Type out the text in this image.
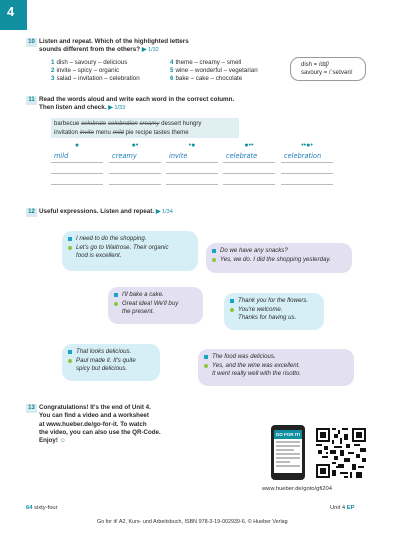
4
10 Listen and repeat. Which of the highlighted letters
sounds different from the others? ▶ 1/32
1 dish – savoury – delicious
2 invite – spicy – organic
3 salad – invitation – celebration
4 theme – creamy – smell
5 wine – wonderful – vegetarian
6 bake – cake – chocolate
dish = /dɪʃ/
savoury = /ˈseɪvəri/
11 Read the words aloud and write each word in the correct column.
Then listen and check. ▶ 1/33
barbecue celebrate celebration creamy dessert hungry
invitation invite menu mild pie recipe tastes theme
●
mild
●•
creamy
•●
invite
●••
celebrate
••●•
celebration
12 Useful expressions. Listen and repeat. ▶ 1/34
I need to do the shopping.
Let's go to Waitrose. Their organic
food is excellent.
Do we have any snacks?
Yes, we do. I did the shopping yesterday.
I'll bake a cake.
Great idea! We'll buy
the present.
Thank you for the flowers.
You're welcome.
Thanks for having us.
That looks delicious.
Paul made it. It's quite
spicy but delicious.
The food was delicious.
Yes, and the wine was excellent.
It went really well with the risotto.
13 Congratulations! It's the end of Unit 4.
You can find a video and a worksheet
at www.hueber.de/go-for-it. To watch
the video, you can also use the QR-Code.
Enjoy! ☺
GO FOR IT!
www.hueber.de/goto/gfi204
64 sixty-four	Unit 4 EP
Go for it! A2, Kurs- und Arbeitsbuch, ISBN 978-3-19-002939-6, © Hueber Verlag
